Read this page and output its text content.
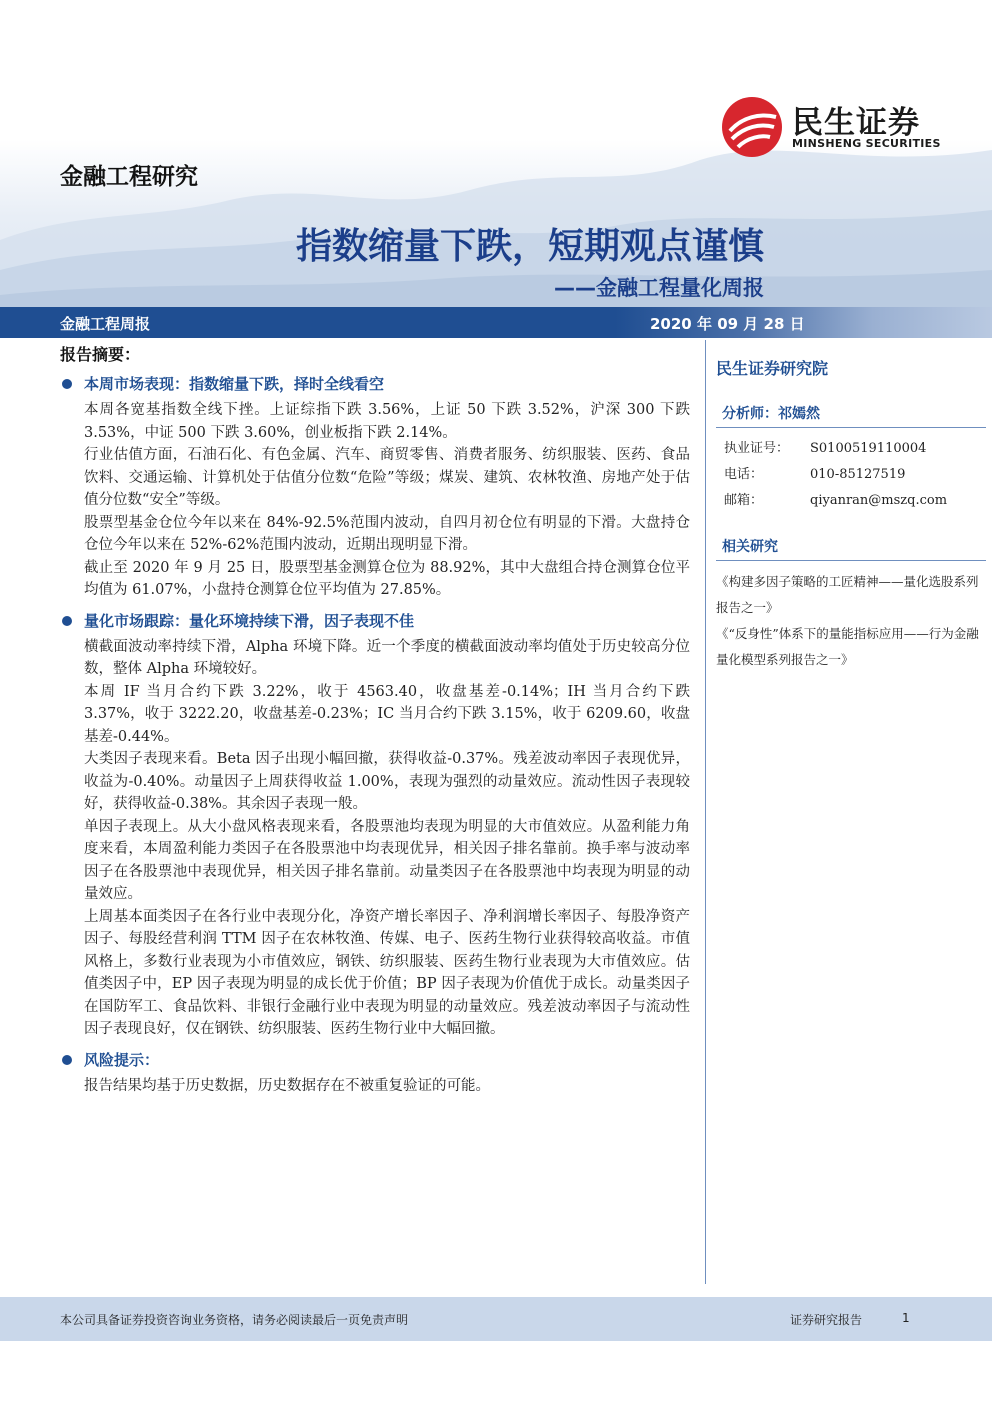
民生证券
MINSHENG SECURITIES
金融工程研究
指数缩量下跌，短期观点谨慎
——金融工程量化周报
金融工程周报	2020 年 09 月 28 日
报告摘要：
本周市场表现：指数缩量下跌，择时全线看空

本周各宽基指数全线下挫。上证综指下跌 3.56%，上证 50 下跌 3.52%，沪深 300 下跌 3.53%，中证 500 下跌 3.60%，创业板指下跌 2.14%。

行业估值方面，石油石化、有色金属、汽车、商贸零售、消费者服务、纺织服装、医药、食品饮料、交通运输、计算机处于估值分位数“危险”等级；煤炭、建筑、农林牧渔、房地产处于估值分位数“安全”等级。

股票型基金仓位今年以来在 84%-92.5%范围内波动，自四月初仓位有明显的下滑。大盘持仓仓位今年以来在 52%-62%范围内波动，近期出现明显下滑。

截止至 2020 年 9 月 25 日，股票型基金测算仓位为 88.92%，其中大盘组合持仓测算仓位平均值为 61.07%，小盘持仓测算仓位平均值为 27.85%。

量化市场跟踪：量化环境持续下滑，因子表现不佳

横截面波动率持续下滑，Alpha 环境下降。近一个季度的横截面波动率均值处于历史较高分位数，整体 Alpha 环境较好。

本周 IF 当月合约下跌 3.22%，收于 4563.40，收盘基差-0.14%；IH 当月合约下跌 3.37%，收于 3222.20，收盘基差-0.23%；IC 当月合约下跌 3.15%，收于 6209.60，收盘基差-0.44%。

大类因子表现来看。Beta 因子出现小幅回撤，获得收益-0.37%。残差波动率因子表现优异，收益为-0.40%。动量因子上周获得收益 1.00%，表现为强烈的动量效应。流动性因子表现较好，获得收益-0.38%。其余因子表现一般。

单因子表现上。从大小盘风格表现来看，各股票池均表现为明显的大市值效应。从盈利能力角度来看，本周盈利能力类因子在各股票池中均表现优异，相关因子排名靠前。换手率与波动率因子在各股票池中表现优异，相关因子排名靠前。动量类因子在各股票池中均表现为明显的动量效应。

上周基本面类因子在各行业中表现分化，净资产增长率因子、净利润增长率因子、每股净资产因子、每股经营利润 TTM 因子在农林牧渔、传媒、电子、医药生物行业获得较高收益。市值风格上，多数行业表现为小市值效应，钢铁、纺织服装、医药生物行业表现为大市值效应。估值类因子中，EP 因子表现为明显的成长优于价值；BP 因子表现为价值优于成长。动量类因子在国防军工、食品饮料、非银行金融行业中表现为明显的动量效应。残差波动率因子与流动性因子表现良好，仅在钢铁、纺织服装、医药生物行业中大幅回撤。

风险提示：

报告结果均基于历史数据，历史数据存在不被重复验证的可能。

民生证券研究院
分析师：祁嫣然
执业证号：	S0100519110004
电话：	010-85127519
邮箱：	qiyanran@mszq.com
相关研究
《构建多因子策略的工匠精神——量化选股系列报告之一》
《“反身性”体系下的量能指标应用——行为金融量化模型系列报告之一》
本公司具备证券投资咨询业务资格，请务必阅读最后一页免责声明	证券研究报告	1
